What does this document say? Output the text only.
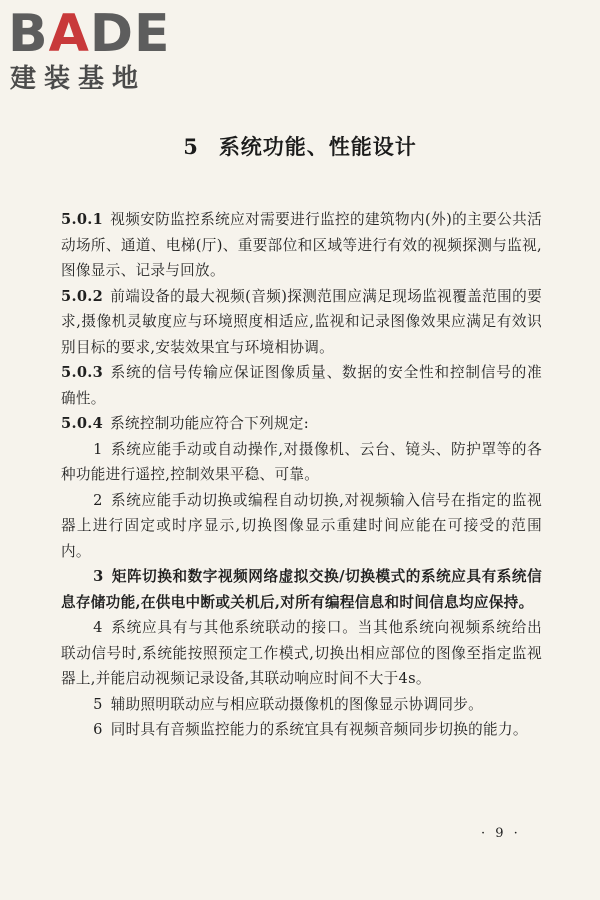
BADE
建装基地
5 系统功能、性能设计

5.0.1 视频安防监控系统应对需要进行监控的建筑物内(外)的主要公共活动场所、通道、电梯(厅)、重要部位和区域等进行有效的视频探测与监视,图像显示、记录与回放。

5.0.2 前端设备的最大视频(音频)探测范围应满足现场监视覆盖范围的要求,摄像机灵敏度应与环境照度相适应,监视和记录图像效果应满足有效识别目标的要求,安装效果宜与环境相协调。

5.0.3 系统的信号传输应保证图像质量、数据的安全性和控制信号的准确性。

5.0.4 系统控制功能应符合下列规定:

1 系统应能手动或自动操作,对摄像机、云台、镜头、防护罩等的各种功能进行遥控,控制效果平稳、可靠。

2 系统应能手动切换或编程自动切换,对视频输入信号在指定的监视器上进行固定或时序显示,切换图像显示重建时间应能在可接受的范围内。

3 矩阵切换和数字视频网络虚拟交换/切换模式的系统应具有系统信息存储功能,在供电中断或关机后,对所有编程信息和时间信息均应保持。

4 系统应具有与其他系统联动的接口。当其他系统向视频系统给出联动信号时,系统能按照预定工作模式,切换出相应部位的图像至指定监视器上,并能启动视频记录设备,其联动响应时间不大于4s。

5 辅助照明联动应与相应联动摄像机的图像显示协调同步。

6 同时具有音频监控能力的系统宜具有视频音频同步切换的能力。

· 9 ·
